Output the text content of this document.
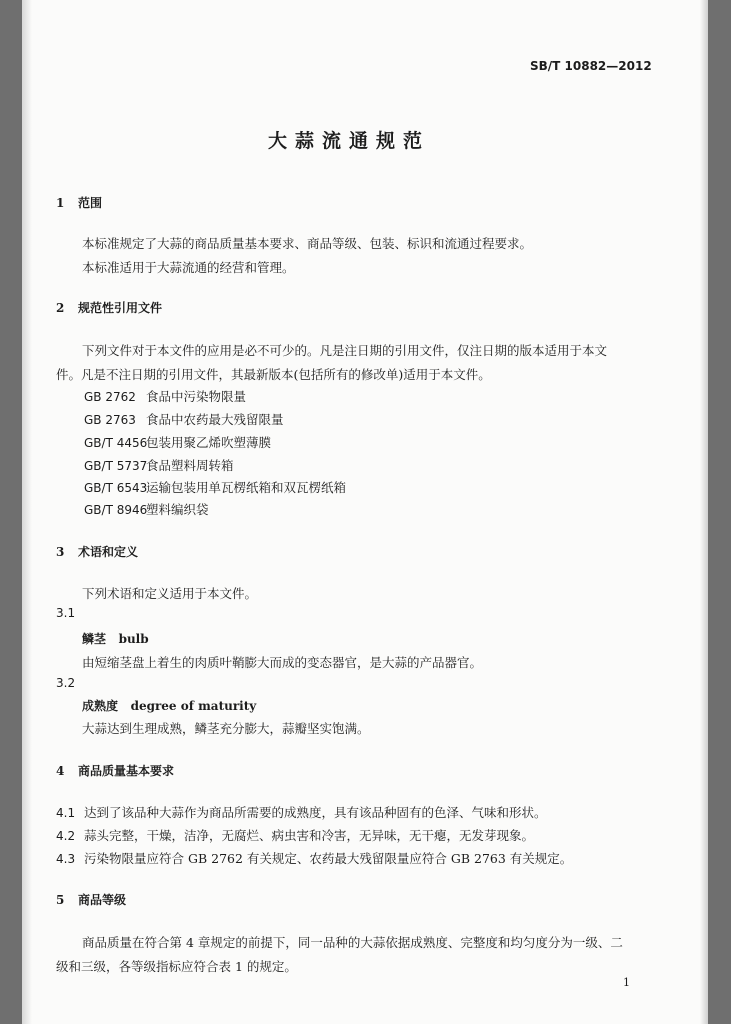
SB/T 10882—2012
大蒜流通规范
1 范围
本标准规定了大蒜的商品质量基本要求、商品等级、包装、标识和流通过程要求。
本标准适用于大蒜流通的经营和管理。
2 规范性引用文件
下列文件对于本文件的应用是必不可少的。凡是注日期的引用文件，仅注日期的版本适用于本文
件。凡是不注日期的引用文件，其最新版本(包括所有的修改单)适用于本文件。
GB 2762 食品中污染物限量
GB 2763 食品中农药最大残留限量
GB/T 4456包装用聚乙烯吹塑薄膜
GB/T 5737食品塑料周转箱
GB/T 6543运输包装用单瓦楞纸箱和双瓦楞纸箱
GB/T 8946塑料编织袋
3 术语和定义
下列术语和定义适用于本文件。
3.1
鳞茎 bulb
由短缩茎盘上着生的肉质叶鞘膨大而成的变态器官，是大蒜的产品器官。
3.2
成熟度 degree of maturity
大蒜达到生理成熟，鳞茎充分膨大，蒜瓣坚实饱满。
4 商品质量基本要求
4.1 达到了该品种大蒜作为商品所需要的成熟度，具有该品种固有的色泽、气味和形状。
4.2 蒜头完整，干燥，洁净，无腐烂、病虫害和冷害，无异味，无干瘪，无发芽现象。
4.3 污染物限量应符合 GB 2762 有关规定、农药最大残留限量应符合 GB 2763 有关规定。
5 商品等级
商品质量在符合第 4 章规定的前提下，同一品种的大蒜依据成熟度、完整度和均匀度分为一级、二
级和三级，各等级指标应符合表 1 的规定。
1
